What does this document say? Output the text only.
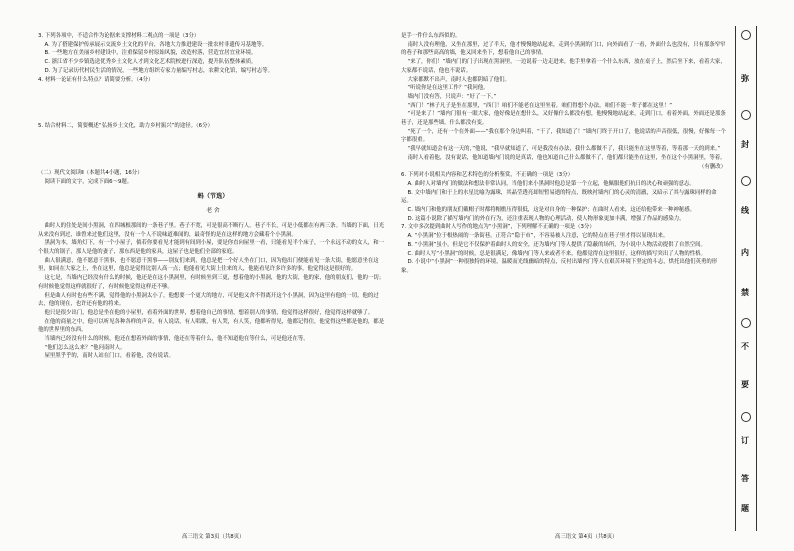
3. 下列各项中，不适合作为论据来支撑材料二观点的一项是（3分）

A. 为了搭建保护传承展示交流乡土文化的平台，各地大力推进建设一批农村非遗传习基地等。

B. 一些地方在美丽乡村建设中，注重保留乡村原始风貌，改造村落，营造宜居宜业环境。

C. 浙江省不少乡镇选送优秀乡土文化人才到文化艺术院校进行深造，提升队伍整体素质。

D. 为了记录历代村民生活的情况，一些地方组织专家力量编写村志，农耕文化馆，编写村志等。

4. 材料一论证有什么特点？请简要分析。（4分）

5. 结合材料二，简要概述“弘扬乡土文化，助力乡村振兴”的途径。（6分）

（二）现代文阅读Ⅱ（本题共4小题，16分）

阅读下面的文字，完成下面6～9题。

蚂（节选）

老 舍

曲时人的住处是间小黑洞，在四城根那间的一条巷子里。巷子不宽，可是很高不断行人。巷子不长，可是小低都在有两三条。当墙的下面，日光从来没有到过，谁曾来过他们这里，没有一个人不说味道难闻的，最奇怪的是在这样的地方会藏着个小黑洞。

黑洞为本，墙角灯下，有一个小屋子，倘若你要看见才能到有间到小屋，要是你直向屋里一看，只能看见半个床子，一个永远不动的女人，和一个很大的锅子，那人是他的妻子，那东西是他的家具，这屋子也是他们全部的家庭。

曲人很满意，他不愿意干黑事，也不愿意干黑事——别友们来到，他总是把一个好人坐在门口，因为他出门便能看见一条大街，他愿意坐在这里，如同在大家之上，坐在这里，他总是觉得比别人高一点；他能看见大街上往来的人，他能看见许多许多的事，他觉得这是很好的。

这七是，当墙内已经没有什么的时候，他还是在这小黑洞里，有时候坐到三更，想着他的小黑洞，他的大街，他的家，他的朋友们，他的一切；有时候他觉得这样就很好了，有时候他觉得这样还不够。

但是曲人有时也有些不满，觉得他的小黑洞太小了，他想要一个更大的地方，可是他又舍不得离开这个小黑洞，因为这里有他的一切，他的过去，他的现在，也许还有他的将来。

他只是很少出门，他总是坐在他的小屋里，看着外面的世界，想着他自己的事情，想着别人的事情，他觉得这样很好，他觉得这样就够了。

在他的商量之中，他可以听见各种各样的声音，有人说话，有人唱歌，有人哭，有人笑，他都听得见，他都记得住，他觉得这些都是他的，都是他的世界里的东西。

当墙内已经没有什么的时候，他还在想着外面的事情，他还在等着什么，他不知道他在等什么，可是他还在等。

“他们怎么这么来？”他问南时人。

屋里黑乎乎的，南时人站在门口，看着他，没有说话。

是手一件什么东西似的。

南时人没有理他，又坐在那里，过了半天，他才慢慢地站起来，走到小黑洞的门口，向外面看了一看，外面什么也没有，只有那条窄窄的巷子和那些高高的墙，他又回来坐下，想着他自己的事情。

“来了，你们！”墙内门的门子出现在黑洞里，一边说着一边走进来，他手里拿着一个什么东西，放在桌子上，然后坐下来，看着大家，大家都不说话，他也不说话。

大家都默不出声，南时人也都阴暗了他们。

“听说你是在这里工作？”我问他。

墙内门没有答，只说声：“好了一下。”

“西门！”林子凡子是坐在那里，“西门！咱们不能老在这里坐着，咱们得想个办法，咱们不能一辈子都在这里！”

“可是来了！”墙内门很有一眼大家，他好像是在想什么，又好像什么都没有想，他慢慢地站起来，走到门口，看着外面，外面还是那条巷子，还是那些墙，什么都没有变。

“死了一个，还有一个在外面——”我在那个身边叫着，“干了，我知道了！”墙内门终于开口了，他说话的声音很低，很慢，好像每一个字都很重。

“我早就知道会有这一天的，”他说，“我早就知道了，可是我没有办法，我什么都做不了，我只能坐在这里等着，等着那一天的到来。”

南时人看着他，没有说话，他知道墙内门说的是真话，他也知道自己什么都做不了，他们都只能坐在这里，坐在这个小黑洞里，等着。

（有删改）

6. 下列对小说相关内容和艺术特色的分析鉴赏，不正确的一项是（3分）

A. 曲时人对墙内门的做法和想法非常认同，当他们来小黑洞时他总是第一个立起，他佩服他们抗日的决心和顽强的意志。

B. 文中墙内门和于上的水星比喻为露珠，其晶莹透亮却短暂易逝的特点，既映衬墙内门的心灵的清澈，又暗示了其与露珠同样的命运。

C. 墙内门和他的朋友们戴帽子时都将帽檐压得很低，这是对自身的一种保护；在曲时人看来，这还给他带来一种神秘感。

D. 这篇小说除了描写墙内门的外在行为，还注重表现人物的心理活动，使人物形象更加丰满，增强了作品的感染力。

7. 文中多次提到曲时人写作的地点为“小黑洞”，下列理解不正确的一项是（3分）

A. “小黑洞”位于根热闹的一条街巷，正符合“隐于市”，不容易被人注意，它的特点在巷子里才得以显现出来。

B. “小黑洞”虽小，但是它不仅保护着曲时人的安全，还为墙内门等人提供了隐蔽的场所，为小说中人物活动提供了自然空间。

C. 曲时人写“小黑洞”的时候，总是很满足，像墙内门等人来或者不来，他都觉得在这里很好，这样的描写突出了人物的性格。

D. 小说中“小黑洞”一种很独特的环境，温暖而光线幽暗的特点，反衬出墙内门等人在艰苦环境下坚定的斗志，烘托出他们英勇的形象。

高三语文 第3页（共8页）	高三语文 第4页（共8页）
弥
封
线
内
禁
不
要
订
答
题
